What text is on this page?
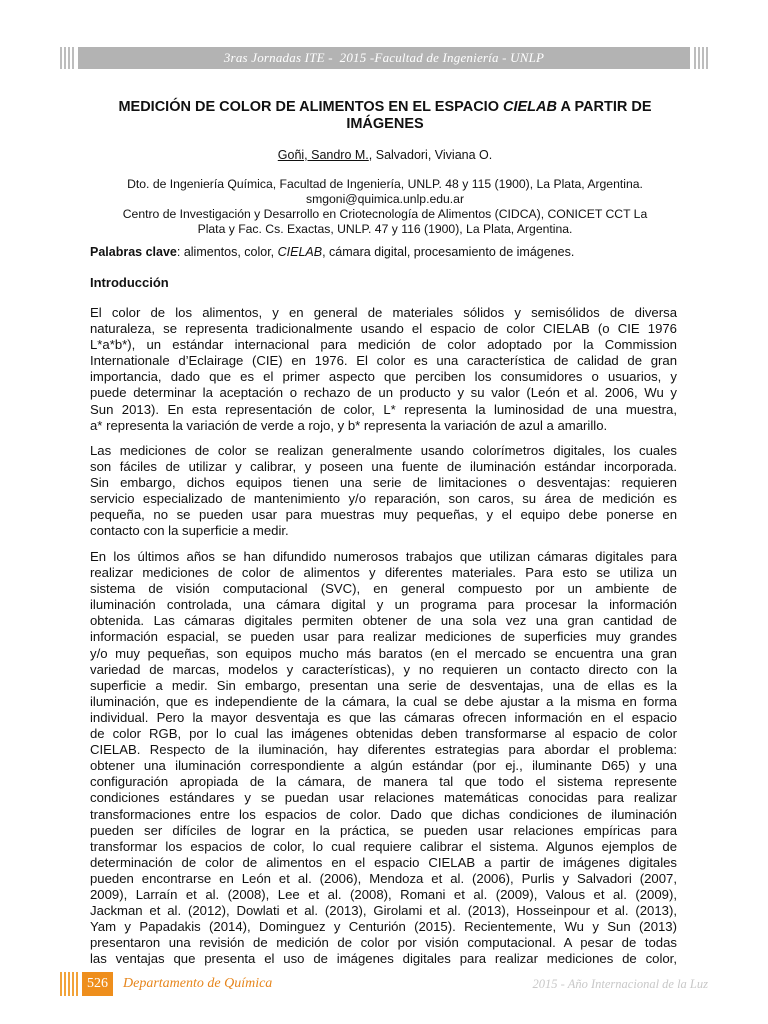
3ras Jornadas ITE -  2015 -Facultad de Ingeniería - UNLP
MEDICIÓN DE COLOR DE ALIMENTOS EN EL ESPACIO CIELAB A PARTIR DE IMÁGENES
Goñi, Sandro M., Salvadori, Viviana O.
Dto. de Ingeniería Química, Facultad de Ingeniería, UNLP. 48 y 115 (1900), La Plata, Argentina.
smgoni@quimica.unlp.edu.ar
Centro de Investigación y Desarrollo en Criotecnología de Alimentos (CIDCA), CONICET CCT La
Plata y Fac. Cs. Exactas, UNLP. 47 y 116 (1900), La Plata, Argentina.
Palabras clave: alimentos, color, CIELAB, cámara digital, procesamiento de imágenes.
Introducción
El color de los alimentos, y en general de materiales sólidos y semisólidos de diversa
naturaleza, se representa tradicionalmente usando el espacio de color CIELAB (o CIE 1976
L*a*b*), un estándar internacional para medición de color adoptado por la Commission
Internationale d’Eclairage (CIE) en 1976. El color es una característica de calidad de gran
importancia, dado que es el primer aspecto que perciben los consumidores o usuarios, y
puede determinar la aceptación o rechazo de un producto y su valor (León et al. 2006, Wu y
Sun 2013). En esta representación de color, L* representa la luminosidad de una muestra,
a* representa la variación de verde a rojo, y b* representa la variación de azul a amarillo.
Las mediciones de color se realizan generalmente usando colorímetros digitales, los cuales
son fáciles de utilizar y calibrar, y poseen una fuente de iluminación estándar incorporada.
Sin embargo, dichos equipos tienen una serie de limitaciones o desventajas: requieren
servicio especializado de mantenimiento y/o reparación, son caros, su área de medición es
pequeña, no se pueden usar para muestras muy pequeñas, y el equipo debe ponerse en
contacto con la superficie a medir.
En los últimos años se han difundido numerosos trabajos que utilizan cámaras digitales para
realizar mediciones de color de alimentos y diferentes materiales. Para esto se utiliza un
sistema de visión computacional (SVC), en general compuesto por un ambiente de
iluminación controlada, una cámara digital y un programa para procesar la información
obtenida. Las cámaras digitales permiten obtener de una sola vez una gran cantidad de
información espacial, se pueden usar para realizar mediciones de superficies muy grandes
y/o muy pequeñas, son equipos mucho más baratos (en el mercado se encuentra una gran
variedad de marcas, modelos y características), y no requieren un contacto directo con la
superficie a medir. Sin embargo, presentan una serie de desventajas, una de ellas es la
iluminación, que es independiente de la cámara, la cual se debe ajustar a la misma en forma
individual. Pero la mayor desventaja es que las cámaras ofrecen información en el espacio
de color RGB, por lo cual las imágenes obtenidas deben transformarse al espacio de color
CIELAB. Respecto de la iluminación, hay diferentes estrategias para abordar el problema:
obtener una iluminación correspondiente a algún estándar (por ej., iluminante D65) y una
configuración apropiada de la cámara, de manera tal que todo el sistema represente
condiciones estándares y se puedan usar relaciones matemáticas conocidas para realizar
transformaciones entre los espacios de color. Dado que dichas condiciones de iluminación
pueden ser difíciles de lograr en la práctica, se pueden usar relaciones empíricas para
transformar los espacios de color, lo cual requiere calibrar el sistema. Algunos ejemplos de
determinación de color de alimentos en el espacio CIELAB a partir de imágenes digitales
pueden encontrarse en León et al. (2006), Mendoza et al. (2006), Purlis y Salvadori (2007,
2009), Larraín et al. (2008), Lee et al. (2008), Romani et al. (2009), Valous et al. (2009),
Jackman et al. (2012), Dowlati et al. (2013), Girolami et al. (2013), Hosseinpour et al. (2013),
Yam y Papadakis (2014), Dominguez y Centurión (2015). Recientemente, Wu y Sun (2013)
presentaron una revisión de medición de color por visión computacional. A pesar de todas
las ventajas que presenta el uso de imágenes digitales para realizar mediciones de color,
526	Departamento de Química	2015 - Año Internacional de la Luz
